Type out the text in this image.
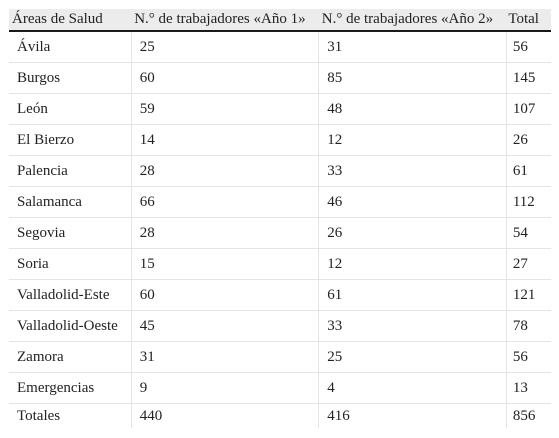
Áreas de Salud	N.° de trabajadores «Año 1»	N.° de trabajadores «Año 2»	Total
Ávila	25	31	56
Burgos	60	85	145
León	59	48	107
El Bierzo	14	12	26
Palencia	28	33	61
Salamanca	66	46	112
Segovia	28	26	54
Soria	15	12	27
Valladolid-Este	60	61	121
Valladolid-Oeste	45	33	78
Zamora	31	25	56
Emergencias	9	4	13
Totales	440	416	856
